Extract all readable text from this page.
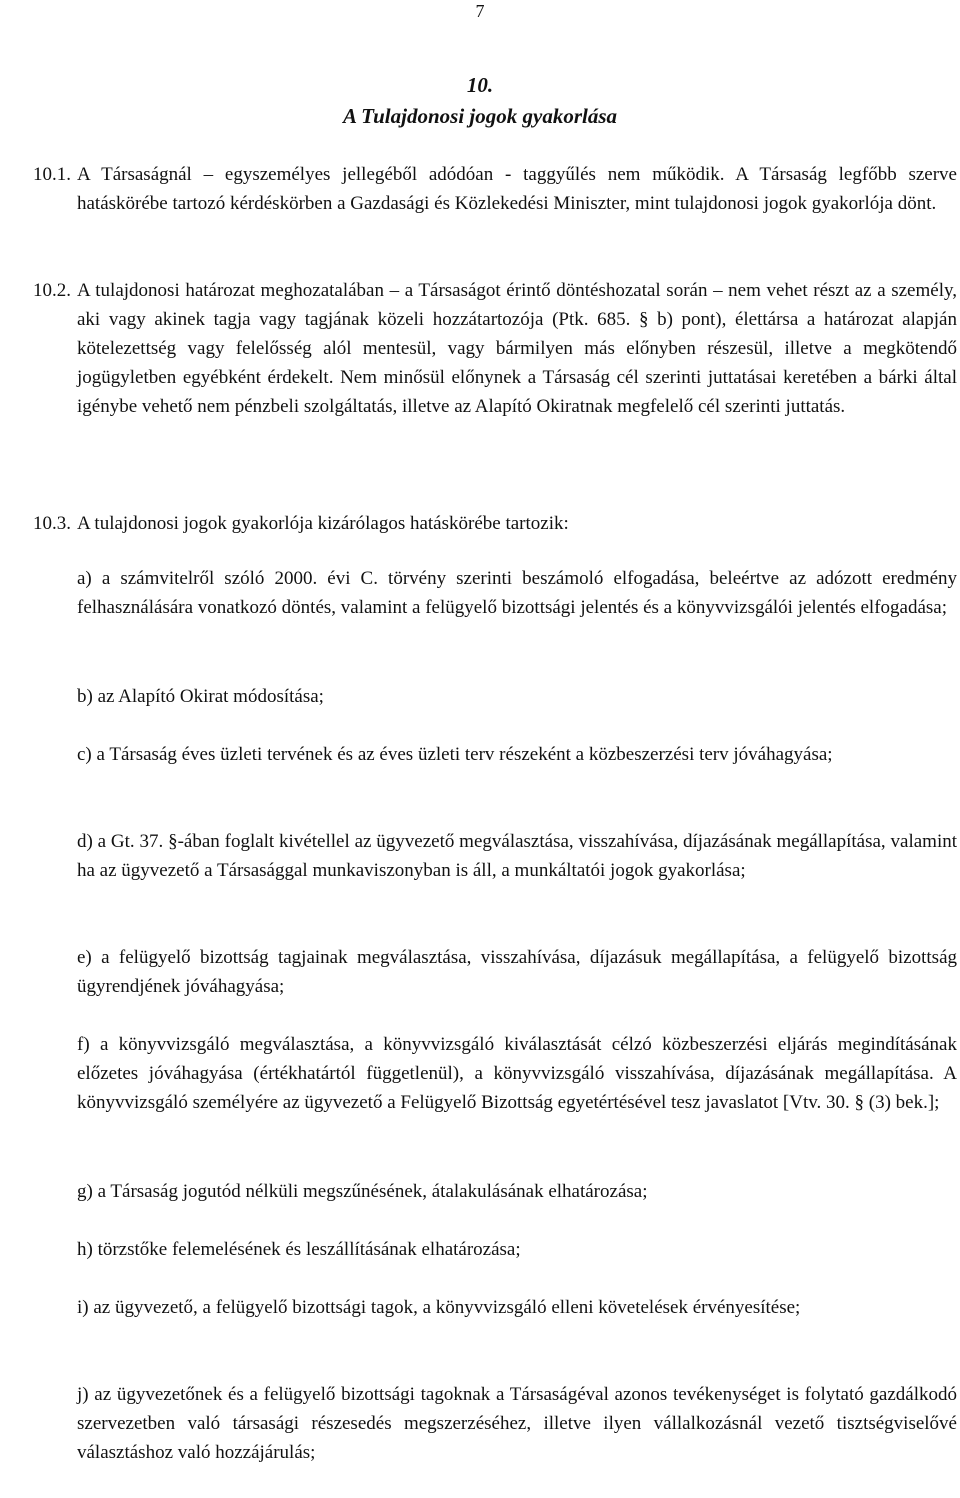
7
10.
A Tulajdonosi jogok gyakorlása
10.1. A Társaságnál – egyszemélyes jellegéből adódóan - taggyűlés nem működik. A Társaság legfőbb szerve hatáskörébe tartozó kérdéskörben a Gazdasági és Közlekedési Miniszter, mint tulajdonosi jogok gyakorlója dönt.
10.2. A tulajdonosi határozat meghozatalában – a Társaságot érintő döntéshozatal során – nem vehet részt az a személy, aki vagy akinek tagja vagy tagjának közeli hozzátartozója (Ptk. 685. § b) pont), élettársa a határozat alapján kötelezettség vagy felelősség alól mentesül, vagy bármilyen más előnyben részesül, illetve a megkötendő jogügyletben egyébként érdekelt. Nem minősül előnynek a Társaság cél szerinti juttatásai keretében a bárki által igénybe vehető nem pénzbeli szolgáltatás, illetve az Alapító Okiratnak megfelelő cél szerinti juttatás.
10.3. A tulajdonosi jogok gyakorlója kizárólagos hatáskörébe tartozik:
a) a számvitelről szóló 2000. évi C. törvény szerinti beszámoló elfogadása, beleértve az adózott eredmény felhasználására vonatkozó döntés, valamint a felügyelő bizottsági jelentés és a könyvvizsgálói jelentés elfogadása;
b) az Alapító Okirat módosítása;
c) a Társaság éves üzleti tervének és az éves üzleti terv részeként a közbeszerzési terv jóváhagyása;
d) a Gt. 37. §-ában foglalt kivétellel az ügyvezető megválasztása, visszahívása, díjazásának megállapítása, valamint ha az ügyvezető a Társasággal munkaviszonyban is áll, a munkáltatói jogok gyakorlása;
e) a felügyelő bizottság tagjainak megválasztása, visszahívása, díjazásuk megállapítása, a felügyelő bizottság ügyrendjének jóváhagyása;
f) a könyvvizsgáló megválasztása, a könyvvizsgáló kiválasztását célzó közbeszerzési eljárás megindításának előzetes jóváhagyása (értékhatártól függetlenül), a könyvvizsgáló visszahívása, díjazásának megállapítása. A könyvvizsgáló személyére az ügyvezető a Felügyelő Bizottság egyetértésével tesz javaslatot [Vtv. 30. § (3) bek.];
g) a Társaság jogutód nélküli megszűnésének, átalakulásának elhatározása;
h) törzstőke felemelésének és leszállításának elhatározása;
i) az ügyvezető, a felügyelő bizottsági tagok, a könyvvizsgáló elleni követelések érvényesítése;
j) az ügyvezetőnek és a felügyelő bizottsági tagoknak a Társaságéval azonos tevékenységet is folytató gazdálkodó szervezetben való társasági részesedés megszerzéséhez, illetve ilyen vállalkozásnál vezető tisztségviselővé választáshoz való hozzájárulás;
